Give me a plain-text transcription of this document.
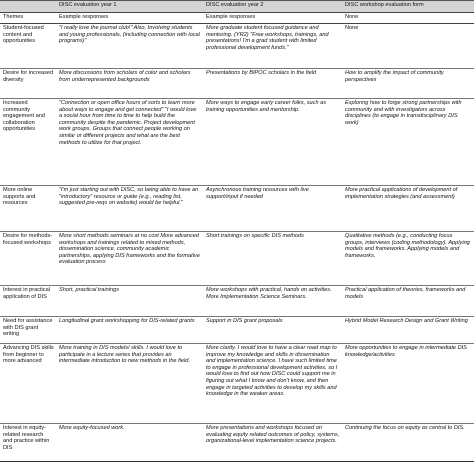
	DISC evaluation year 1	DISC evaluation year 2	DISC workshop evaluation form
Themes	Example responses	Example responses	None
Student-focused content and opportunities	"I really love the journal club!" Also, Involving students and young professionals, (including connection with local programs)"	More graduate student focused guidance and mentoring. (YR2) "Free workshops, trainings, and presentations! I'm a grad student with limited professional development funds."	None
Desire for increased diversity	More discussions from scholars of color and scholars from underrepresented backgrounds	Presentations by BIPOC scholars in the field	How to amplify the impact of community perspectives
Increased community engagement and collaboration opportunities	"Connection or open office hours of sorts to learn more about ways to engage and get connected" "I would love a social hour from time to time to help build the community despite the pandemic. Project development work groups. Groups that connect people working on similar or different projects and what are the best methods to utilize for that project.	More ways to engage early career folks, such as training opportunities and mentorship.	Exploring how to forge strong partnerships with community and with investigators across disciplines (to engage in transdisciplinary DIS work)
More online supports and resources	"I'm just starting out with DISC, so being able to have an "introductory" resource or guide (e.g., reading list, suggested pre-reqs on website) would be helpful."	Asynchronous training resources with live support/input if needed	More practical applications of development of implementation strategies (and assessment)
Desire for methods-focused workshops	More short methods seminars at no cost More advanced workshops and trainings related to mixed methods, dissemination science, community academic partnerships, applying DIS frameworks and the formative evaluation process	Short trainings on specific DIS methods	Qualitative methods (e.g., conducting focus groups, interviews (coding methodology). Applying models and frameworks. Applying models and frameworks.
Interest in practical application of DIS	Short, practical trainings	More workshops with practical, hands on activities. More Implementation Science Seminars.	Practical application of theories, frameworks and models
Need for assistance with DIS grant writing	Longitudinal grant workshopping for DIS-related grants	Support in DIS grant proposals	Hybrid Model Research Design and Grant Writing
Advancing DIS skills from beginner to more advanced	More training in DIS models/ skills. I would love to participate in a lecture series that provides an intermediate introduction to new methods in the field.	More clarity. I would love to have a clear road map to improve my knowledge and skills in dissemination and implementation science. I have such limited time to engage in professional development activities, so I would love to find out how DISC could support me in figuring out what I know and don't know, and then engage in targeted activities to develop my skills and knowledge in the weaker areas.	More opportunities to engage in intermediate DIS knowledge/activities
Interest in equity-related research and practice within DIS	More equity-focused work.	More presentations and workshops focused on evaluating equity related outcomes of policy, systems, organizational-level implementation science projects.	Continuing the focus on equity as central to DIS.
